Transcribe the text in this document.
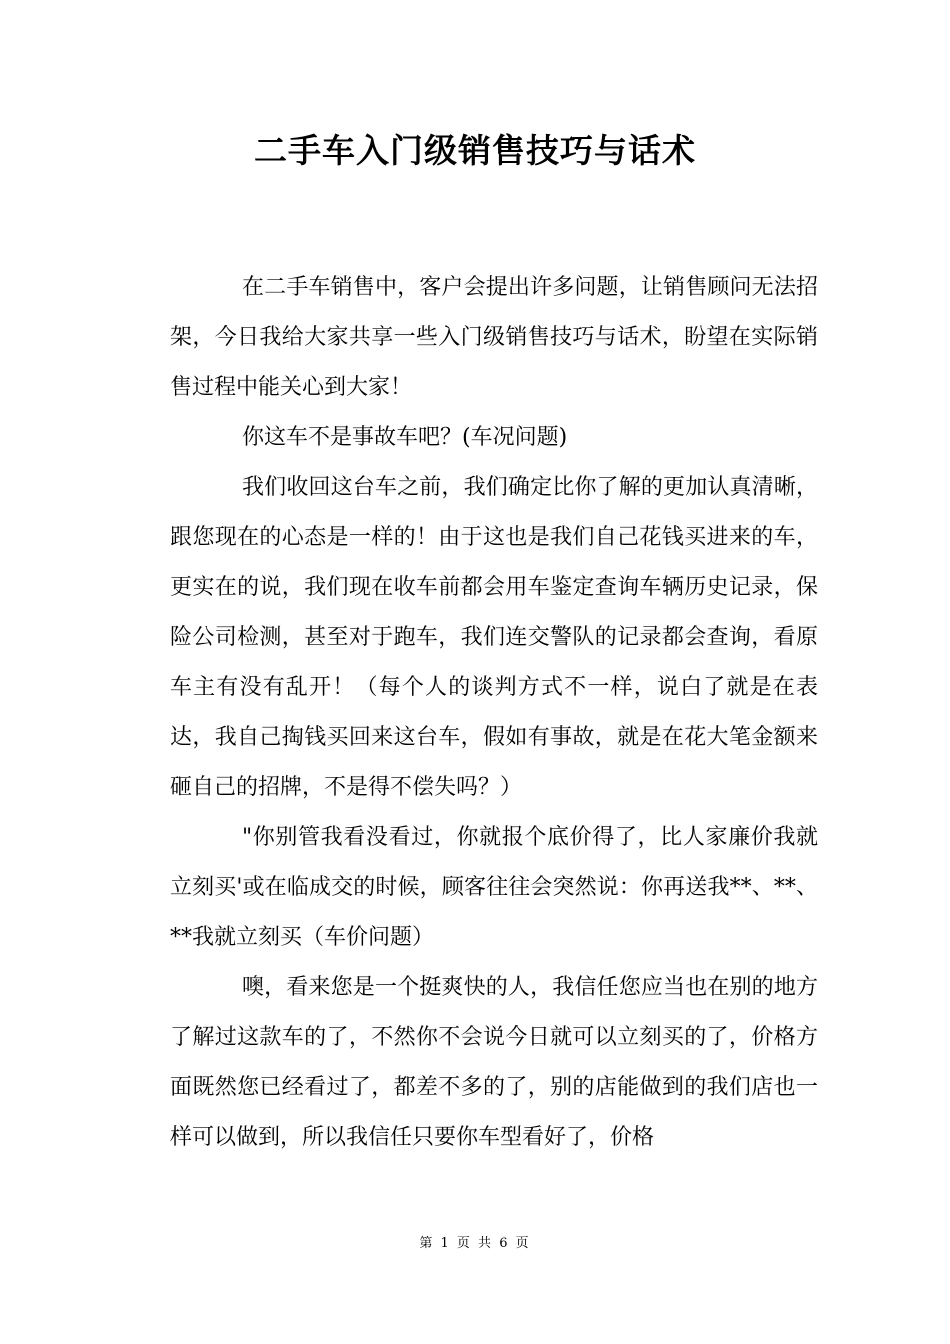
二手车入门级销售技巧与话术

在二手车销售中，客户会提出许多问题，让销售顾问无法招架，今日我给大家共享一些入门级销售技巧与话术，盼望在实际销售过程中能关心到大家！

你这车不是事故车吧？(车况问题)

我们收回这台车之前，我们确定比你了解的更加认真清晰，跟您现在的心态是一样的！由于这也是我们自己花钱买进来的车，更实在的说，我们现在收车前都会用车鉴定查询车辆历史记录，保险公司检测，甚至对于跑车，我们连交警队的记录都会查询，看原车主有没有乱开！（每个人的谈判方式不一样，说白了就是在表达，我自己掏钱买回来这台车，假如有事故，就是在花大笔金额来砸自己的招牌，不是得不偿失吗？）

"你别管我看没看过，你就报个底价得了，比人家廉价我就立刻买'或在临成交的时候，顾客往往会突然说：你再送我**、**、**我就立刻买（车价问题）

噢，看来您是一个挺爽快的人，我信任您应当也在别的地方了解过这款车的了，不然你不会说今日就可以立刻买的了，价格方面既然您已经看过了，都差不多的了，别的店能做到的我们店也一样可以做到，所以我信任只要你车型看好了，价格

第 1 页 共 6 页
